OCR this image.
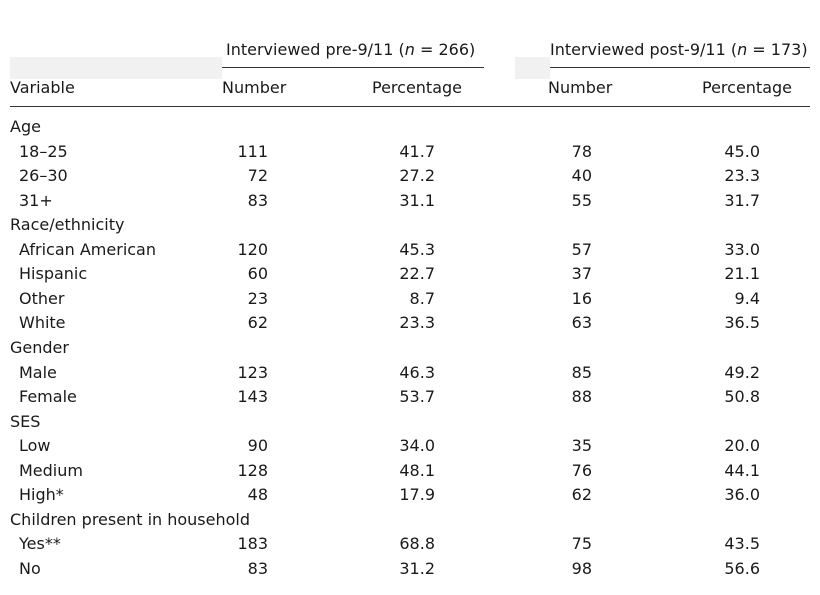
Interviewed pre-9/11 (n = 266)	Interviewed post-9/11 (n = 173)
Variable	Number	Percentage	Number	Percentage
Age
18–25	111	41.7	78	45.0
26–30	72	27.2	40	23.3
31+	83	31.1	55	31.7
Race/ethnicity
African American	120	45.3	57	33.0
Hispanic	60	22.7	37	21.1
Other	23	8.7	16	9.4
White	62	23.3	63	36.5
Gender
Male	123	46.3	85	49.2
Female	143	53.7	88	50.8
SES
Low	90	34.0	35	20.0
Medium	128	48.1	76	44.1
High*	48	17.9	62	36.0
Children present in household
Yes**	183	68.8	75	43.5
No	83	31.2	98	56.6
